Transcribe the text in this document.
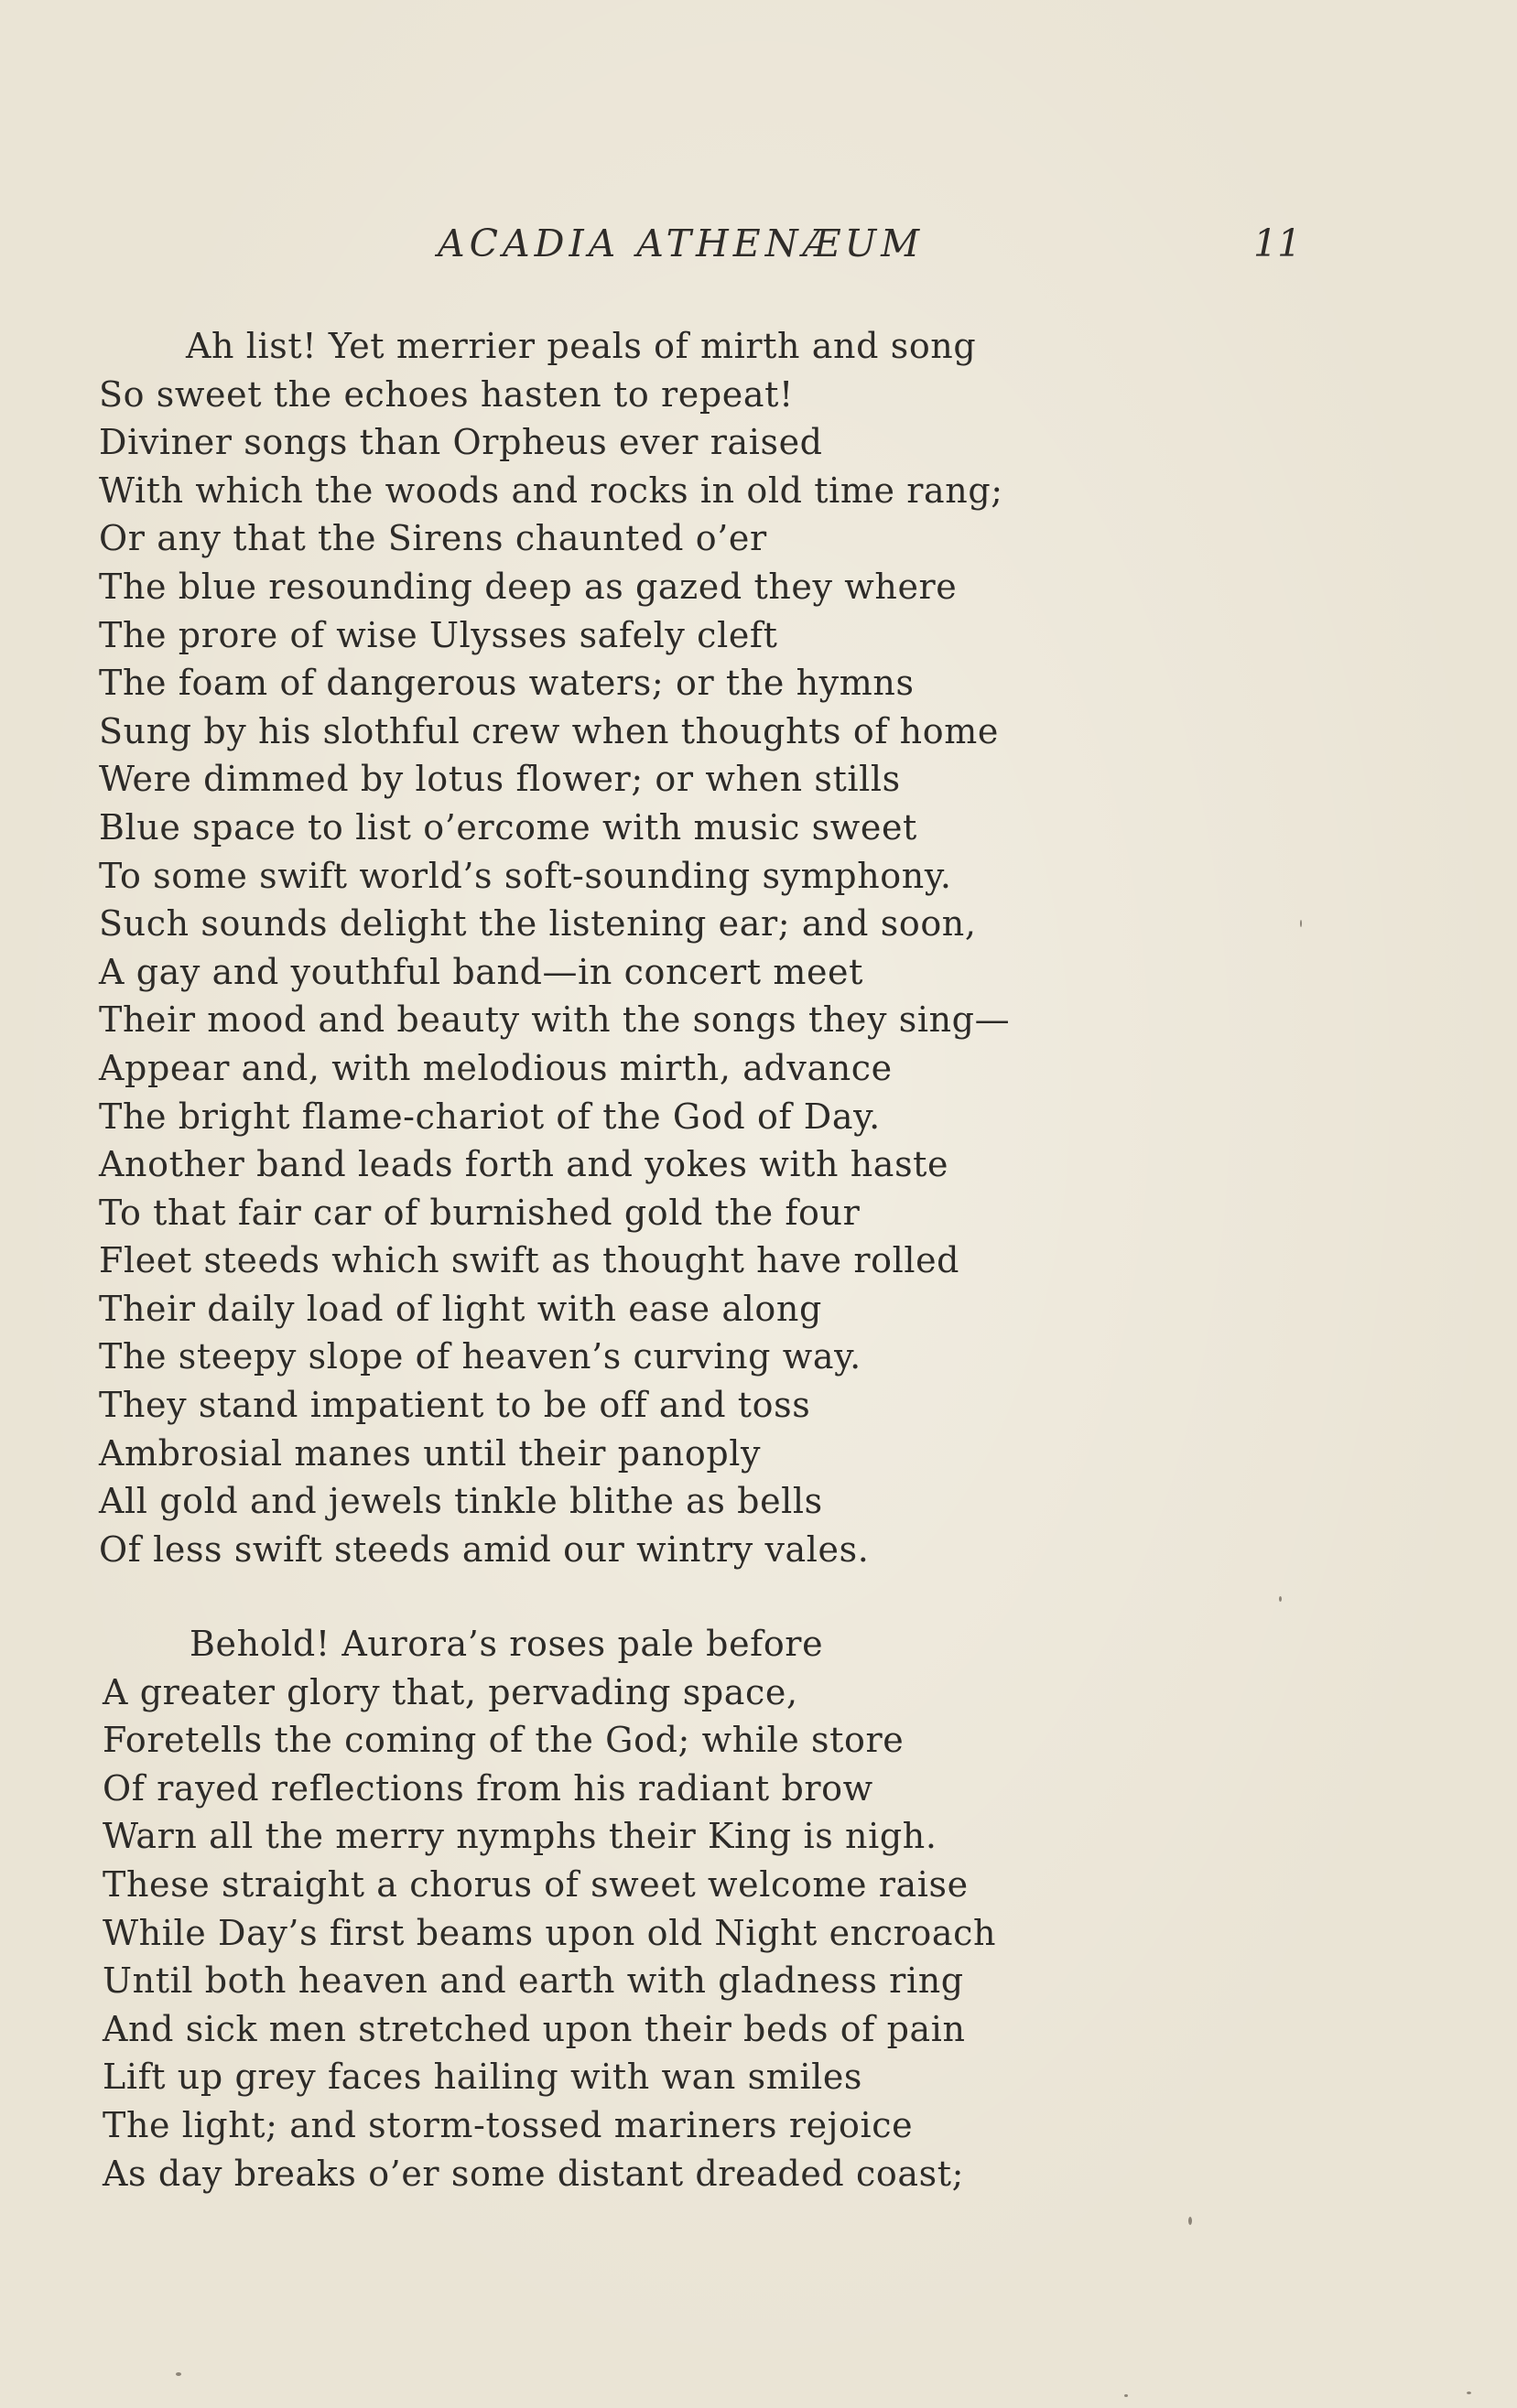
ACADIA ATHENÆUM	11
Ah list! Yet merrier peals of mirth and song
So sweet the echoes hasten to repeat!
Diviner songs than Orpheus ever raised
With which the woods and rocks in old time rang;
Or any that the Sirens chaunted o’er
The blue resounding deep as gazed they where
The prore of wise Ulysses safely cleft
The foam of dangerous waters; or the hymns
Sung by his slothful crew when thoughts of home
Were dimmed by lotus flower; or when stills
Blue space to list o’ercome with music sweet
To some swift world’s soft-sounding symphony.
Such sounds delight the listening ear; and soon,
A gay and youthful band—in concert meet
Their mood and beauty with the songs they sing—
Appear and, with melodious mirth, advance
The bright flame-chariot of the God of Day.
Another band leads forth and yokes with haste
To that fair car of burnished gold the four
Fleet steeds which swift as thought have rolled
Their daily load of light with ease along
The steepy slope of heaven’s curving way.
They stand impatient to be off and toss
Ambrosial manes until their panoply
All gold and jewels tinkle blithe as bells
Of less swift steeds amid our wintry vales.
Behold! Aurora’s roses pale before
A greater glory that, pervading space,
Foretells the coming of the God; while store
Of rayed reflections from his radiant brow
Warn all the merry nymphs their King is nigh.
These straight a chorus of sweet welcome raise
While Day’s first beams upon old Night encroach
Until both heaven and earth with gladness ring
And sick men stretched upon their beds of pain
Lift up grey faces hailing with wan smiles
The light; and storm-tossed mariners rejoice
As day breaks o’er some distant dreaded coast;
